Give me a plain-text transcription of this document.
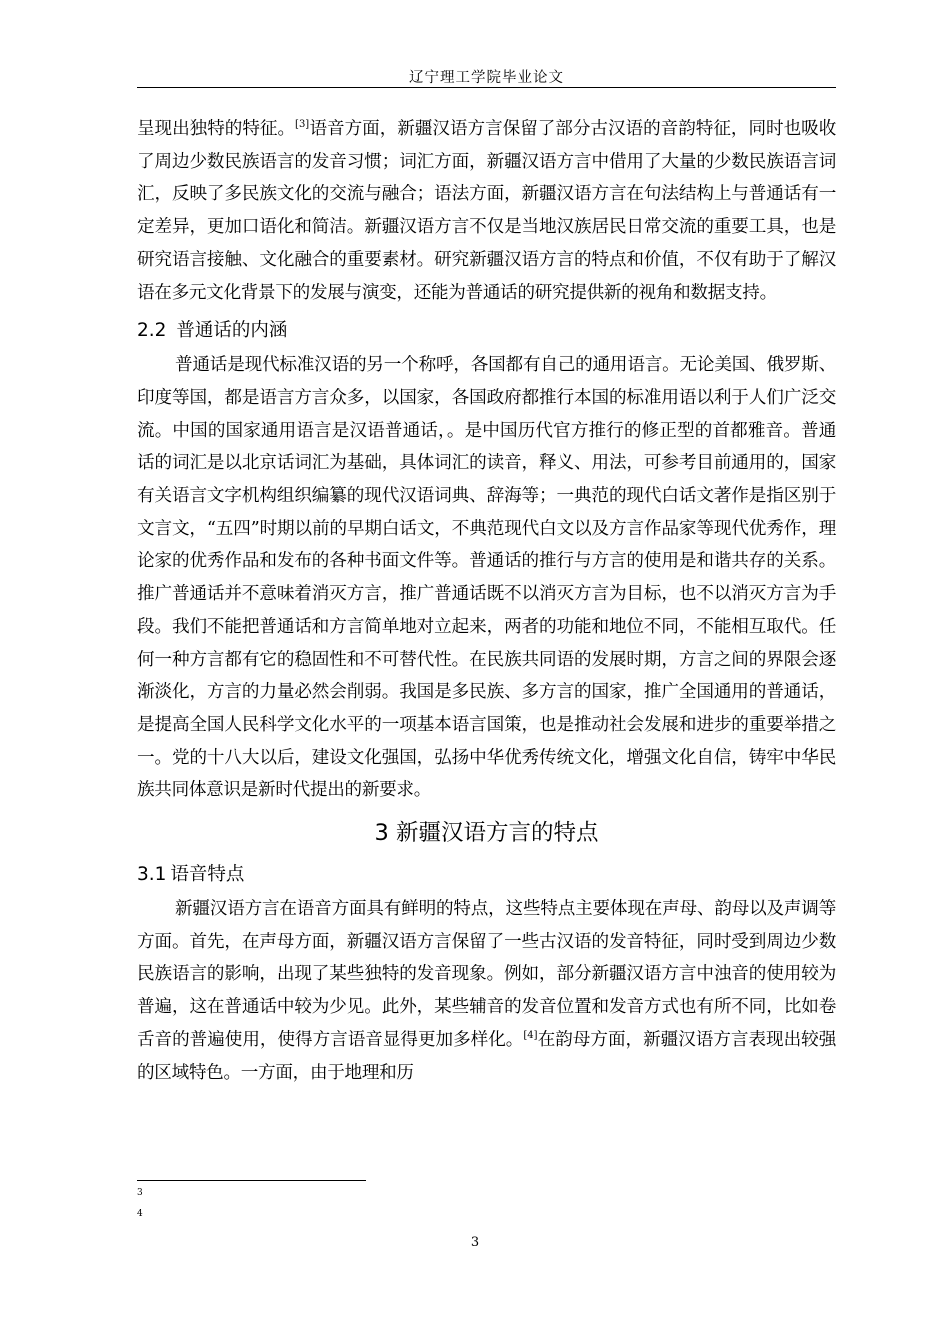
辽宁理工学院毕业论文

呈现出独特的特征。[3]语音方面，新疆汉语方言保留了部分古汉语的音韵特征，同时也吸收了周边少数民族语言的发音习惯；词汇方面，新疆汉语方言中借用了大量的少数民族语言词汇，反映了多民族文化的交流与融合；语法方面，新疆汉语方言在句法结构上与普通话有一定差异，更加口语化和简洁。新疆汉语方言不仅是当地汉族居民日常交流的重要工具，也是研究语言接触、文化融合的重要素材。研究新疆汉语方言的特点和价值，不仅有助于了解汉语在多元文化背景下的发展与演变，还能为普通话的研究提供新的视角和数据支持。

2.2 普通话的内涵

普通话是现代标准汉语的另一个称呼，各国都有自己的通用语言。无论美国、俄罗斯、印度等国，都是语言方言众多，以国家，各国政府都推行本国的标准用语以利于人们广泛交流。中国的国家通用语言是汉语普通话，。是中国历代官方推行的修正型的首都雅音。普通话的词汇是以北京话词汇为基础，具体词汇的读音，释义、用法，可参考目前通用的，国家有关语言文字机构组织编纂的现代汉语词典、辞海等；一典范的现代白话文著作是指区别于文言文，“五四”时期以前的早期白话文，不典范现代白文以及方言作品家等现代优秀作，理论家的优秀作品和发布的各种书面文件等。普通话的推行与方言的使用是和谐共存的关系。推广普通话并不意味着消灭方言，推广普通话既不以消灭方言为目标，也不以消灭方言为手段。我们不能把普通话和方言简单地对立起来，两者的功能和地位不同，不能相互取代。任何一种方言都有它的稳固性和不可替代性。在民族共同语的发展时期，方言之间的界限会逐渐淡化，方言的力量必然会削弱。我国是多民族、多方言的国家，推广全国通用的普通话，是提高全国人民科学文化水平的一项基本语言国策，也是推动社会发展和进步的重要举措之一。党的十八大以后，建设文化强国，弘扬中华优秀传统文化，增强文化自信，铸牢中华民族共同体意识是新时代提出的新要求。

3 新疆汉语方言的特点
3.1 语音特点

新疆汉语方言在语音方面具有鲜明的特点，这些特点主要体现在声母、韵母以及声调等方面。首先，在声母方面，新疆汉语方言保留了一些古汉语的发音特征，同时受到周边少数民族语言的影响，出现了某些独特的发音现象。例如，部分新疆汉语方言中浊音的使用较为普遍，这在普通话中较为少见。此外，某些辅音的发音位置和发音方式也有所不同，比如卷舌音的普遍使用，使得方言语音显得更加多样化。[4]在韵母方面，新疆汉语方言表现出较强的区域特色。一方面，由于地理和历

3
4
3
